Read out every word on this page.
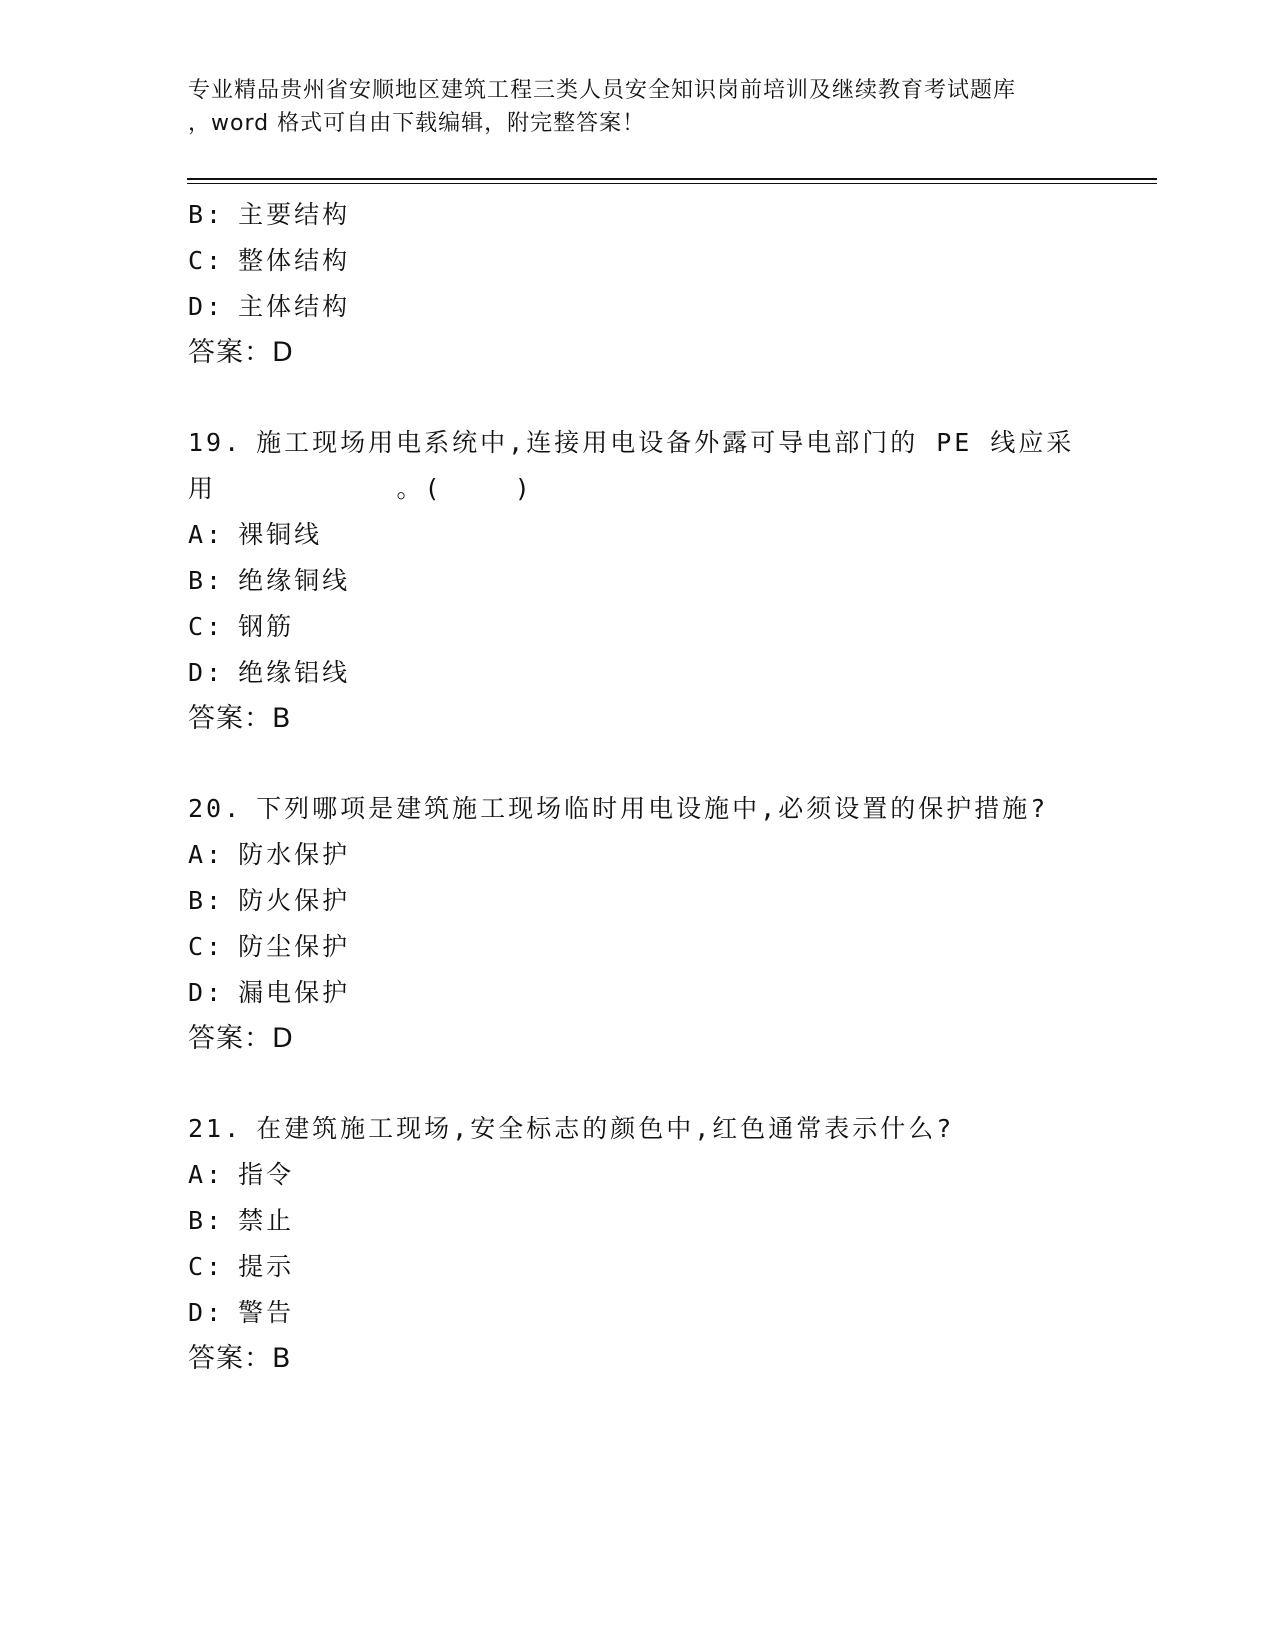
专业精品贵州省安顺地区建筑工程三类人员安全知识岗前培训及继续教育考试题库
，word 格式可自由下载编辑，附完整答案！
B: 主要结构
C: 整体结构
D: 主体结构
答案：D
19. 施工现场用电系统中,连接用电设备外露可导电部门的 PE 线应采
用          。(    )
A: 裸铜线
B: 绝缘铜线
C: 钢筋
D: 绝缘铝线
答案：B
20. 下列哪项是建筑施工现场临时用电设施中,必须设置的保护措施?
A: 防水保护
B: 防火保护
C: 防尘保护
D: 漏电保护
答案：D
21. 在建筑施工现场,安全标志的颜色中,红色通常表示什么?
A: 指令
B: 禁止
C: 提示
D: 警告
答案：B
